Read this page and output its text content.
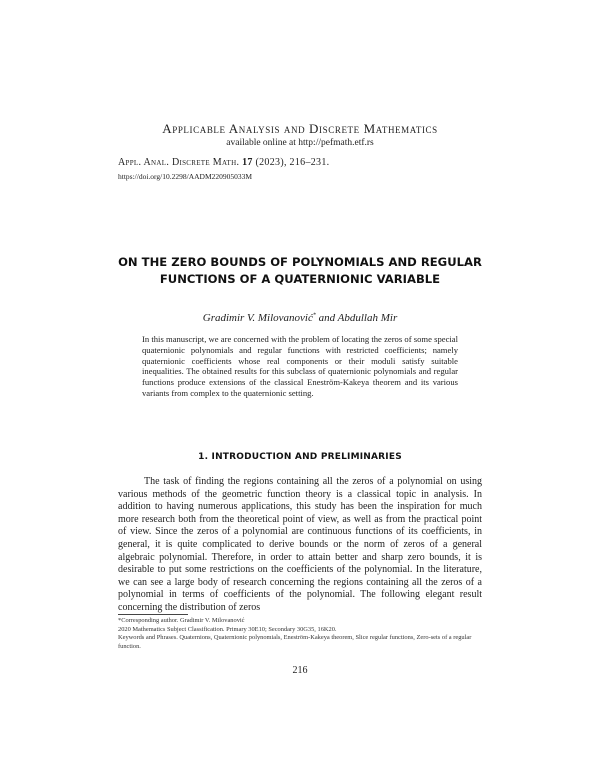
Applicable Analysis and Discrete Mathematics
available online at http://pefmath.etf.rs
Appl. Anal. Discrete Math. 17 (2023), 216–231.
https://doi.org/10.2298/AADM220905033M
ON THE ZERO BOUNDS OF POLYNOMIALS AND REGULAR FUNCTIONS OF A QUATERNIONIC VARIABLE
Gradimir V. Milovanović* and Abdullah Mir
In this manuscript, we are concerned with the problem of locating the zeros of some special quaternionic polynomials and regular functions with restricted coefficients; namely quaternionic coefficients whose real components or their moduli satisfy suitable inequalities. The obtained results for this subclass of quaternionic polynomials and regular functions produce extensions of the classical Eneström-Kakeya theorem and its various variants from complex to the quaternionic setting.
1. INTRODUCTION AND PRELIMINARIES

The task of finding the regions containing all the zeros of a polynomial on using various methods of the geometric function theory is a classical topic in analysis. In addition to having numerous applications, this study has been the inspiration for much more research both from the theoretical point of view, as well as from the practical point of view. Since the zeros of a polynomial are continuous functions of its coefficients, in general, it is quite complicated to derive bounds or the norm of zeros of a general algebraic polynomial. Therefore, in order to attain better and sharp zero bounds, it is desirable to put some restrictions on the coefficients of the polynomial. In the literature, we can see a large body of research concerning the regions containing all the zeros of a polynomial in terms of coefficients of the polynomial. The following elegant result concerning the distribution of zeros

*Corresponding author. Gradimir V. Milovanović

2020 Mathematics Subject Classification. Primary 30E10; Secondary 30G35, 16K20.

Keywords and Phrases. Quaternions, Quaternionic polynomials, Eneström-Kakeya theorem, Slice regular functions, Zero-sets of a regular function.

216
